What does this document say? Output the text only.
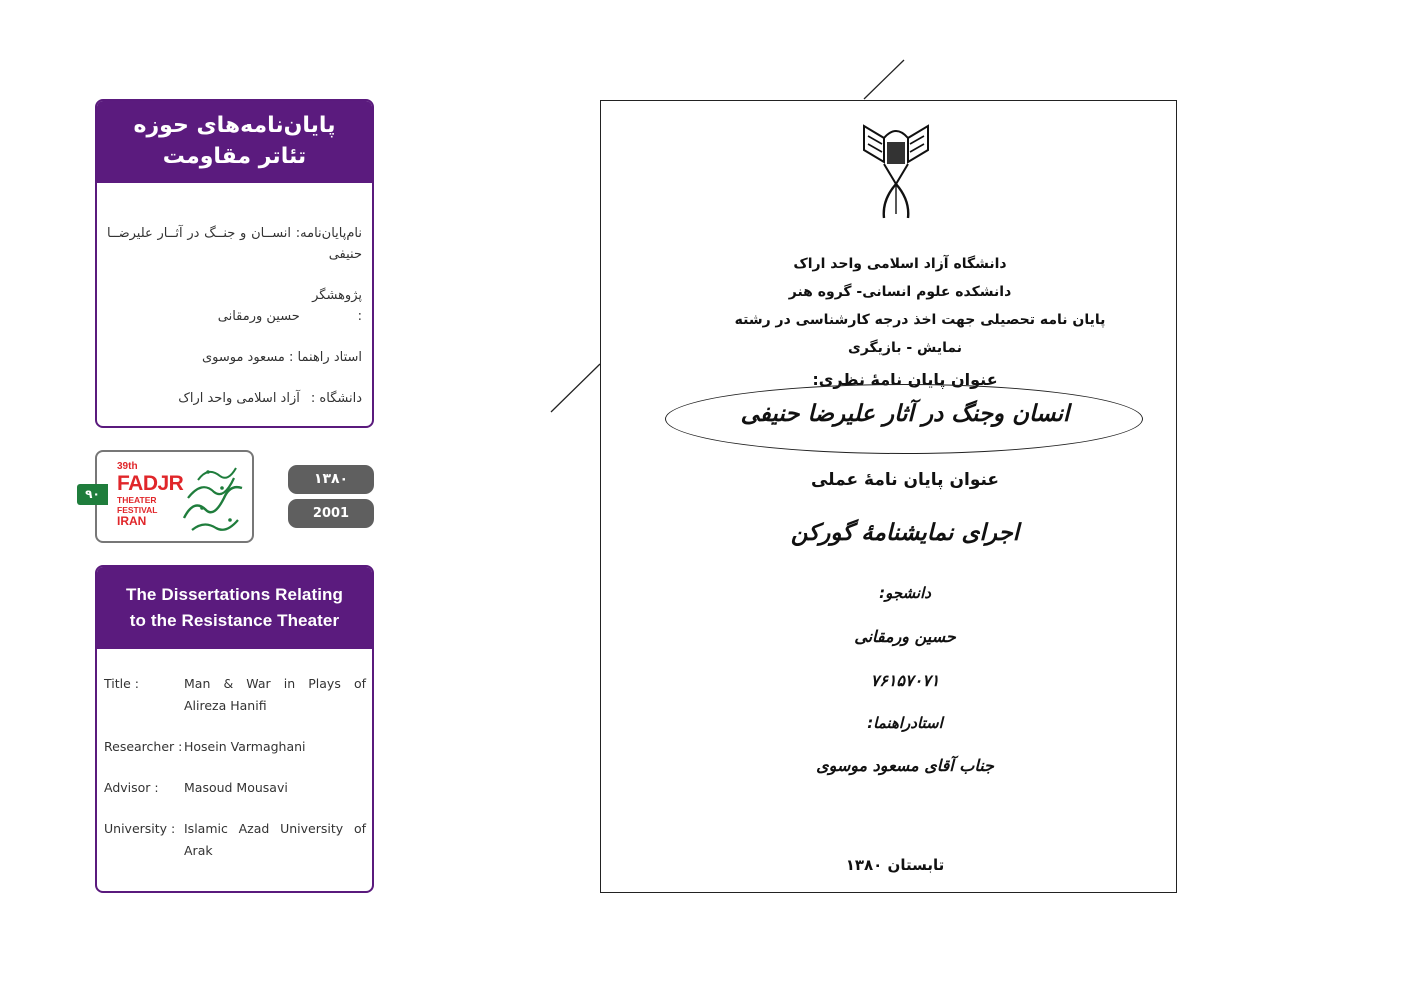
پایان‌نامه‌های حوزه
تئاتر مقاومت
نام‌پایان‌نامه: انســان و جنــگ در آثــار علیرضــا حنیفی
پژوهشگر : حسین ورمقانی
استاد راهنما : مسعود موسوی
دانشگاه : آزاد اسلامی واحد اراک
۹۰
39th
FADJR
THEATER FESTIVAL
IRAN
۱۳۸۰
2001
The Dissertations Relating
to the Resistance Theater
Title :	Man & War in Plays of Alireza Hanifi
Researcher : Hosein Varmaghani
Advisor :	Masoud Mousavi
University : Islamic Azad University of Arak
دانشگاه آزاد اسلامی واحد اراک
دانشکده علوم انسانی- گروه هنر
پایان نامه تحصیلی جهت اخذ درجه کارشناسی در رشته
نمایش - بازیگری
عنوان پایان نامهٔ نظری:
انسان وجنگ در آثار علیرضا حنیفی
عنوان پایان نامهٔ عملی
اجرای نمایشنامهٔ گورکن
دانشجو:
حسین ورمقانی
۷۶۱۵۷۰۷۱
استادراهنما:
جناب آقای مسعود موسوی
تابستان ۱۳۸۰
